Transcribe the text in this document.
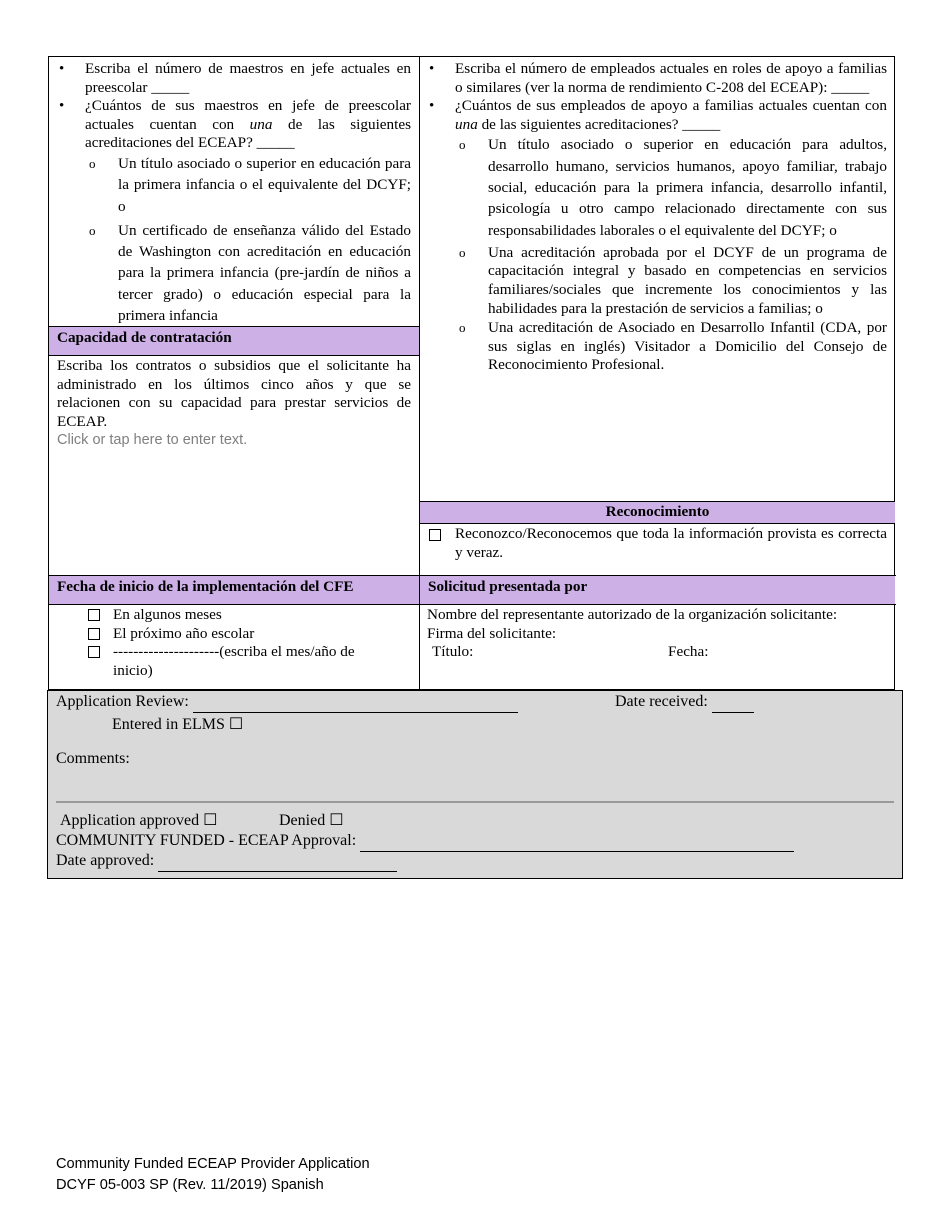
• Escriba el número de maestros en jefe actuales en preescolar _____
• ¿Cuántos de sus maestros en jefe de preescolar actuales cuentan con una de las siguientes acreditaciones del ECEAP? _____
o Un título asociado o superior en educación para la primera infancia o el equivalente del DCYF; o
o Un certificado de enseñanza válido del Estado de Washington con acreditación en educación para la primera infancia (pre-jardín de niños a tercer grado) o educación especial para la primera infancia
Capacidad de contratación
Escriba los contratos o subsidios que el solicitante ha administrado en los últimos cinco años y que se relacionen con su capacidad para prestar servicios de ECEAP.
Click or tap here to enter text.
• Escriba el número de empleados actuales en roles de apoyo a familias o similares (ver la norma de rendimiento C-208 del ECEAP): _____
• ¿Cuántos de sus empleados de apoyo a familias actuales cuentan con una de las siguientes acreditaciones? _____
o Un título asociado o superior en educación para adultos, desarrollo humano, servicios humanos, apoyo familiar, trabajo social, educación para la primera infancia, desarrollo infantil, psicología u otro campo relacionado directamente con sus responsabilidades laborales o el equivalente del DCYF; o
o Una acreditación aprobada por el DCYF de un programa de capacitación integral y basado en competencias en servicios familiares/sociales que incremente los conocimientos y las habilidades para la prestación de servicios a familias; o
o Una acreditación de Asociado en Desarrollo Infantil (CDA, por sus siglas en inglés) Visitador a Domicilio del Consejo de Reconocimiento Profesional.
Reconocimiento
Reconozco/Reconocemos que toda la información provista es correcta y veraz.
Fecha de inicio de la implementación del CFE	Solicitud presentada por
En algunos meses
El próximo año escolar
---------------------(escriba el mes/año de inicio)
Nombre del representante autorizado de la organización solicitante:
Firma del solicitante:
Título:	Fecha:
Application Review:	Date received:
Entered in ELMS ☐
Comments:
Application approved ☐	Denied ☐
COMMUNITY FUNDED - ECEAP Approval:
Date approved:
Community Funded ECEAP Provider Application
DCYF 05-003 SP (Rev. 11/2019) Spanish
